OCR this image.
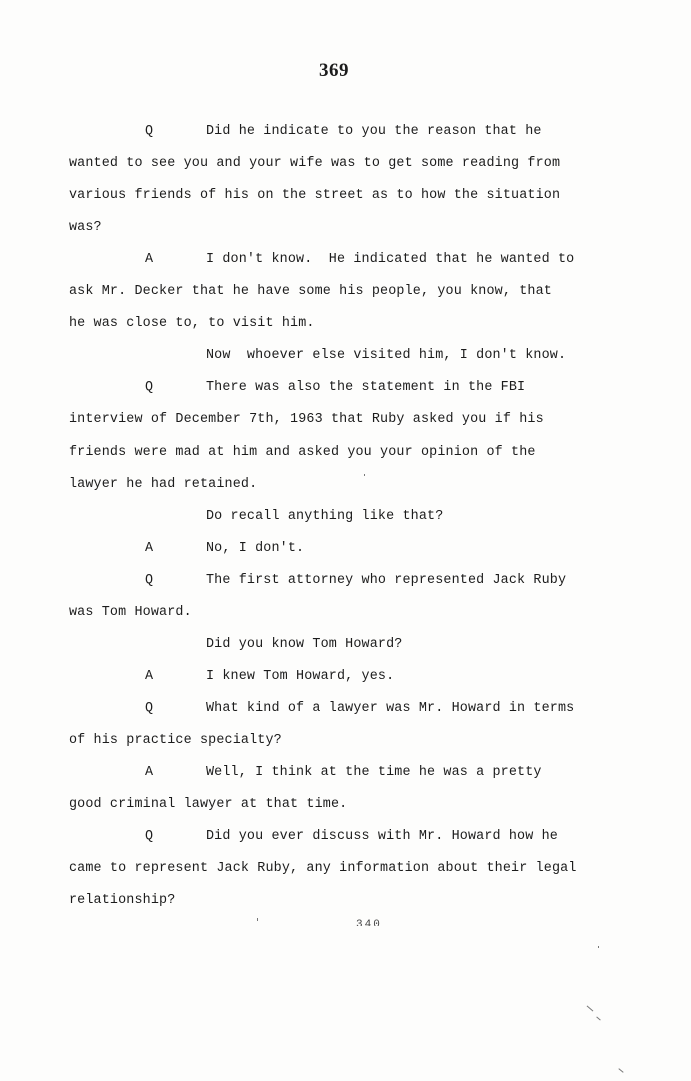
369
Q	Did he indicate to you the reason that he
wanted to see you and your wife was to get some reading from
various friends of his on the street as to how the situation
was?
A	I don't know.  He indicated that he wanted to
ask Mr. Decker that he have some his people, you know, that
he was close to, to visit him.
Now  whoever else visited him, I don't know.
Q	There was also the statement in the FBI
interview of December 7th, 1963 that Ruby asked you if his
friends were mad at him and asked you your opinion of the
lawyer he had retained.
Do recall anything like that?
A	No, I don't.
Q	The first attorney who represented Jack Ruby
was Tom Howard.
Did you know Tom Howard?
A	I knew Tom Howard, yes.
Q	What kind of a lawyer was Mr. Howard in terms
of his practice specialty?
A	Well, I think at the time he was a pretty
good criminal lawyer at that time.
Q	Did you ever discuss with Mr. Howard how he
came to represent Jack Ruby, any information about their legal
relationship?
340
